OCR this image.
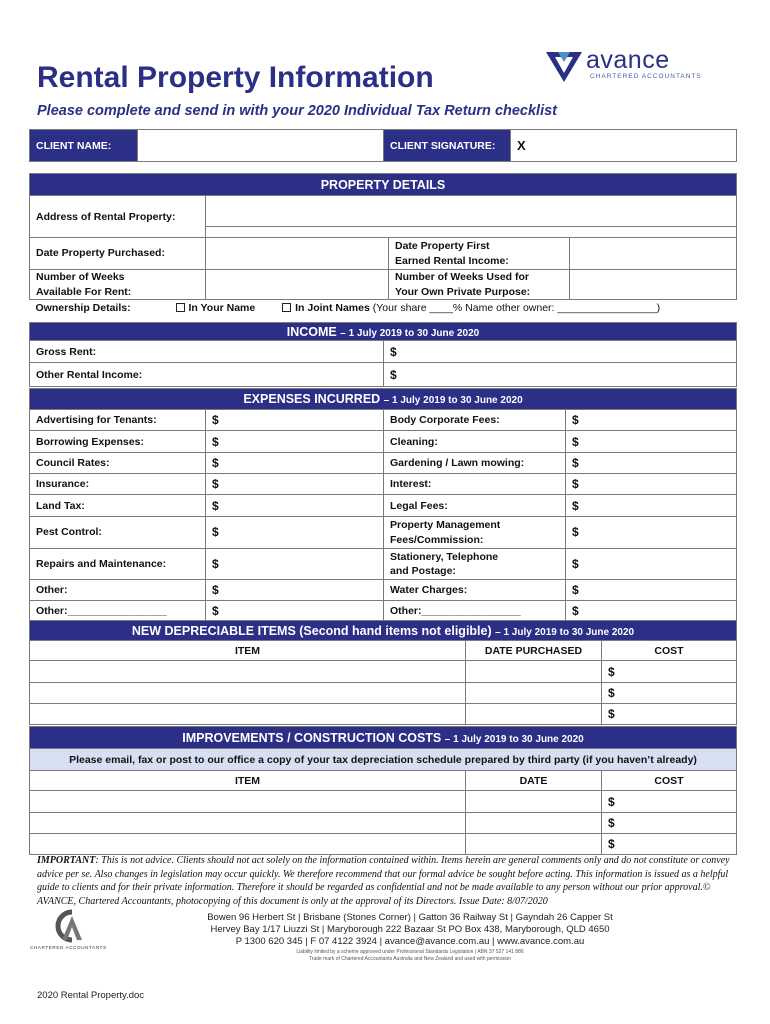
Rental Property Information
Please complete and send in with your 2020 Individual Tax Return checklist
avance
CHARTERED ACCOUNTANTS
CLIENT NAME:		CLIENT SIGNATURE:	X
PROPERTY DETAILS			
Address of Rental Property:			

Date Property Purchased:		Date Property First
Earned Rental Income:	
Number of Weeks
Available For Rent:		Number of Weeks Used for
Your Own Private Purpose:	
Ownership Details:	In Your Name In Joint Names (Your share ____% Name other owner: _________________)		
INCOME – 1 July 2019 to 30 June 2020	
Gross Rent:	$
Other Rental Income:	$
EXPENSES INCURRED – 1 July 2019 to 30 June 2020			
Advertising for Tenants:	$	Body Corporate Fees:	$
Borrowing Expenses:	$	Cleaning:	$
Council Rates:	$	Gardening / Lawn mowing:	$
Insurance:	$	Interest:	$
Land Tax:	$	Legal Fees:	$
Pest Control:	$	Property Management
Fees/Commission:	$
Repairs and Maintenance:	$	Stationery, Telephone
and Postage:	$
Other:	$	Water Charges:	$
Other:_________________	$	Other:_________________	$
NEW DEPRECIABLE ITEMS (Second hand items not eligible) – 1 July 2019 to 30 June 2020		
ITEM	DATE PURCHASED	COST
		$
		$
		$
IMPROVEMENTS / CONSTRUCTION COSTS – 1 July 2019 to 30 June 2020		
Please email, fax or post to our office a copy of your tax depreciation schedule prepared by third party (if you haven’t already)		
ITEM	DATE	COST
		$
		$
		$
IMPORTANT: This is not advice. Clients should not act solely on the information contained within. Items herein are general comments only and do not constitute or convey advice per se. Also changes in legislation may occur quickly. We therefore recommend that our formal advice be sought before acting. This information is issued as a helpful guide to clients and for their private information. Therefore it should be regarded as confidential and not be made available to any person without our prior approval.© AVANCE, Chartered Accountants, photocopying of this document is only at the approval of its Directors. Issue Date: 8/07/2020
CHARTERED ACCOUNTANTS
Bowen 96 Herbert St | Brisbane (Stones Corner) | Gatton 36 Railway St | Gayndah 26 Capper St
Hervey Bay 1/17 Liuzzi St | Maryborough 222 Bazaar St PO Box 438, Maryborough, QLD 4650
P 1300 620 345 | F 07 4122 3924 | avance@avance.com.au | www.avance.com.au
Liability limited by a scheme approved under Professional Standards Legislation | ABN 37 527 141 886
Trade mark of Chartered Accountants Australia and New Zealand and used with permission
2020 Rental Property.doc
